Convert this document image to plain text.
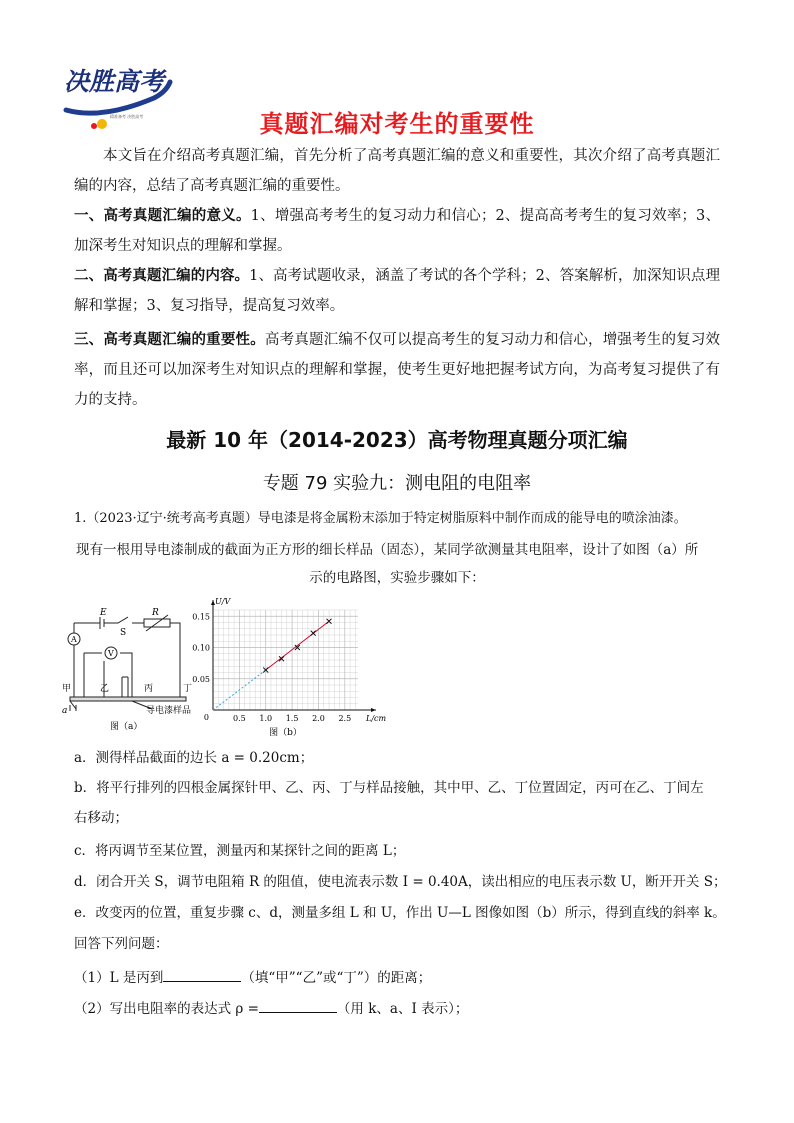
决胜高考
精准备考 决胜高考	真题汇编对考生的重要性
本文旨在介绍高考真题汇编，首先分析了高考真题汇编的意义和重要性，其次介绍了高考真题汇编的内容，总结了高考真题汇编的重要性。
一、高考真题汇编的意义。1、增强高考考生的复习动力和信心；2、提高高考考生的复习效率；3、加深考生对知识点的理解和掌握。
二、高考真题汇编的内容。1、高考试题收录，涵盖了考试的各个学科；2、答案解析，加深知识点理解和掌握；3、复习指导，提高复习效率。
三、高考真题汇编的重要性。高考真题汇编不仅可以提高考生的复习动力和信心，增强考生的复习效率，而且还可以加深考生对知识点的理解和掌握，使考生更好地把握考试方向，为高考复习提供了有力的支持。
最新 10 年（2014-2023）高考物理真题分项汇编
专题 79 实验九：测电阻的电阻率
1.（2023·辽宁·统考高考真题）导电漆是将金属粉末添加于特定树脂原料中制作而成的能导电的喷涂油漆。
现有一根用导电漆制成的截面为正方形的细长样品（固态），某同学欲测量其电阻率，设计了如图（a）所
示的电路图，实验步骤如下：
E
S
R
A
V
甲	乙	丙	丁
a	导电漆样品
图（a）
0.5 1.0 1.5 2.0 2.5
0.05
0.10
0.15
0	L/cm
U/V
图（b）
a．测得样品截面的边长 a = 0.20cm；
b．将平行排列的四根金属探针甲、乙、丙、丁与样品接触，其中甲、乙、丁位置固定，丙可在乙、丁间左
右移动；
c．将丙调节至某位置，测量丙和某探针之间的距离 L；
d．闭合开关 S，调节电阻箱 R 的阻值，使电流表示数 I = 0.40A，读出相应的电压表示数 U，断开开关 S；
e．改变丙的位置，重复步骤 c、d，测量多组 L 和 U，作出 U—L 图像如图（b）所示，得到直线的斜率 k。
回答下列问题：
（1）L 是丙到	（填“甲”“乙”或“丁”）的距离；
（2）写出电阻率的表达式 ρ =	（用 k、a、I 表示）；
